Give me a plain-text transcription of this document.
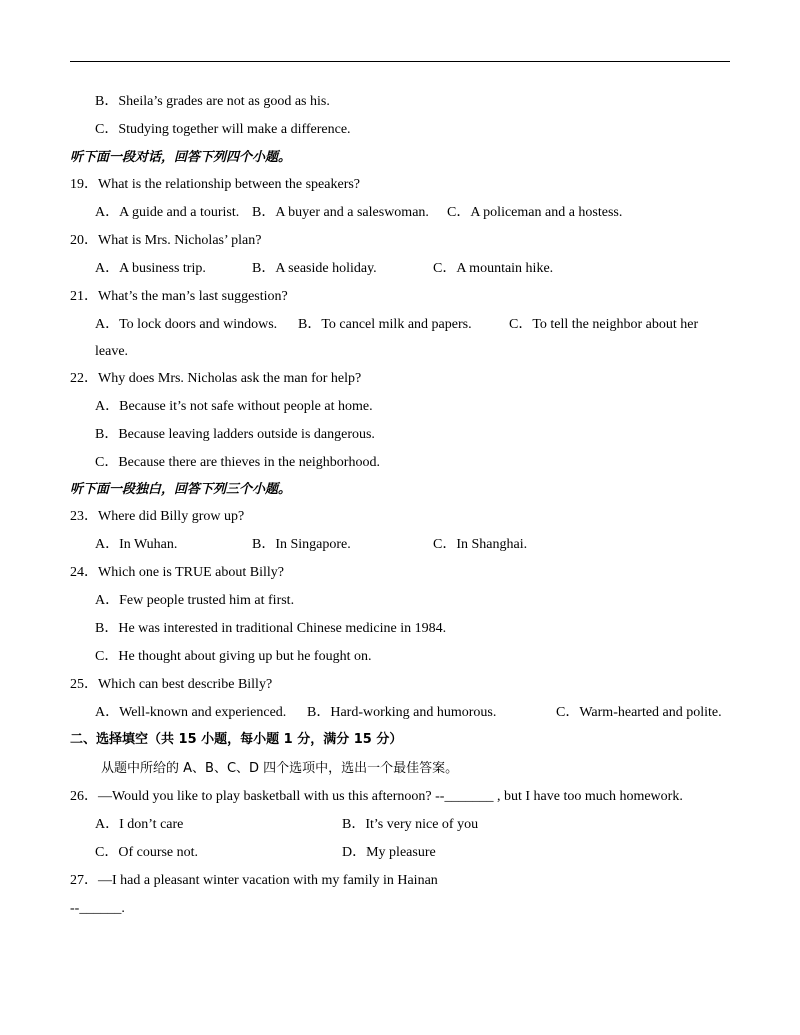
B．Sheila’s grades are not as good as his.
C．Studying together will make a difference.
听下面一段对话，回答下列四个小题。
19．What is the relationship between the speakers?
A．A guide and a tourist. B．A buyer and a saleswoman. C．A policeman and a hostess.
20．What is Mrs. Nicholas’ plan?
A．A business trip.	B．A seaside holiday.	C．A mountain hike.
21．What’s the man’s last suggestion?
A．To lock doors and windows. B．To cancel milk and papers.	C．To tell the neighbor about her
leave.
22．Why does Mrs. Nicholas ask the man for help?
A．Because it’s not safe without people at home.
B．Because leaving ladders outside is dangerous.
C．Because there are thieves in the neighborhood.
听下面一段独白，回答下列三个小题。
23．Where did Billy grow up?
A．In Wuhan.	B．In Singapore.	C．In Shanghai.
24．Which one is TRUE about Billy?
A．Few people trusted him at first.
B．He was interested in traditional Chinese medicine in 1984.
C．He thought about giving up but he fought on.
25．Which can best describe Billy?
A．Well-known and experienced. B．Hard-working and humorous.	C．Warm-hearted and polite.
二、选择填空（共 15 小题，每小题 1 分，满分 15 分）
从题中所给的 A、B、C、D 四个选项中，选出一个最佳答案。
26．—Would you like to play basketball with us this afternoon? --_______ , but I have too much homework.
A．I don’t care	B．It’s very nice of you
C．Of course not.	D．My pleasure
27．—I had a pleasant winter vacation with my family in Hainan
--______.
